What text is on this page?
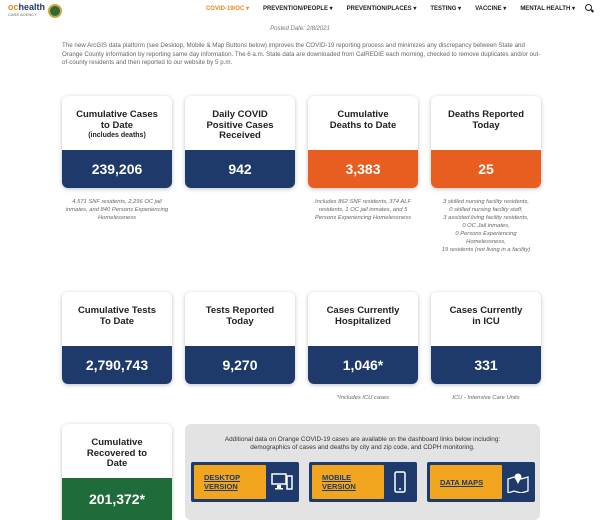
ochealth
CARE AGENCY
COVID-19/OC ▾ PREVENTION/PEOPLE ▾ PREVENTION/PLACES ▾ TESTING ▾ VACCINE ▾ MENTAL HEALTH ▾
Posted Date: 2/8/2021
The new ArcGIS data platform (see Desktop, Mobile & Map Buttons below) improves the COVID-19 reporting process and minimizes any discrepancy between State and Orange County information by reporting same day information. The 6 a.m. State data are downloaded from CalREDIE each morning, checked to remove duplicates and/or out-of-county residents and then reported to our website by 5 p.m.
Cumulative Cases to Date
(includes deaths)
239,206
Daily COVID Positive Cases Received
942
Cumulative Deaths to Date
3,383
Deaths Reported Today
25
4,571 SNF residents, 2,296 OC jail inmates, and 840 Persons Experiencing Homelessness
Includes 862 SNF residents, 374 ALF residents, 1 OC jail inmates, and 5 Persons Experiencing Homelessness
3 skilled nursing facility residents,
0 skilled nursing facility staff,
3 assisted living facility residents,
0 OC Jail inmates,
0 Persons Experiencing
Homelessness,
19 residents (not living in a facility)
Cumulative Tests To Date
2,790,743
Tests Reported Today
9,270
Cases Currently Hospitalized
1,046*
Cases Currently in ICU
331
*Includes ICU cases	ICU - Intensive Care Units
Cumulative Recovered to Date
201,372*
Additional data on Orange COVID-19 cases are available on the dashboard links below including: demographics of cases and deaths by city and zip code, and CDPH monitoring.
DESKTOP
VERSION
MOBILE
VERSION	DATA MAPS
